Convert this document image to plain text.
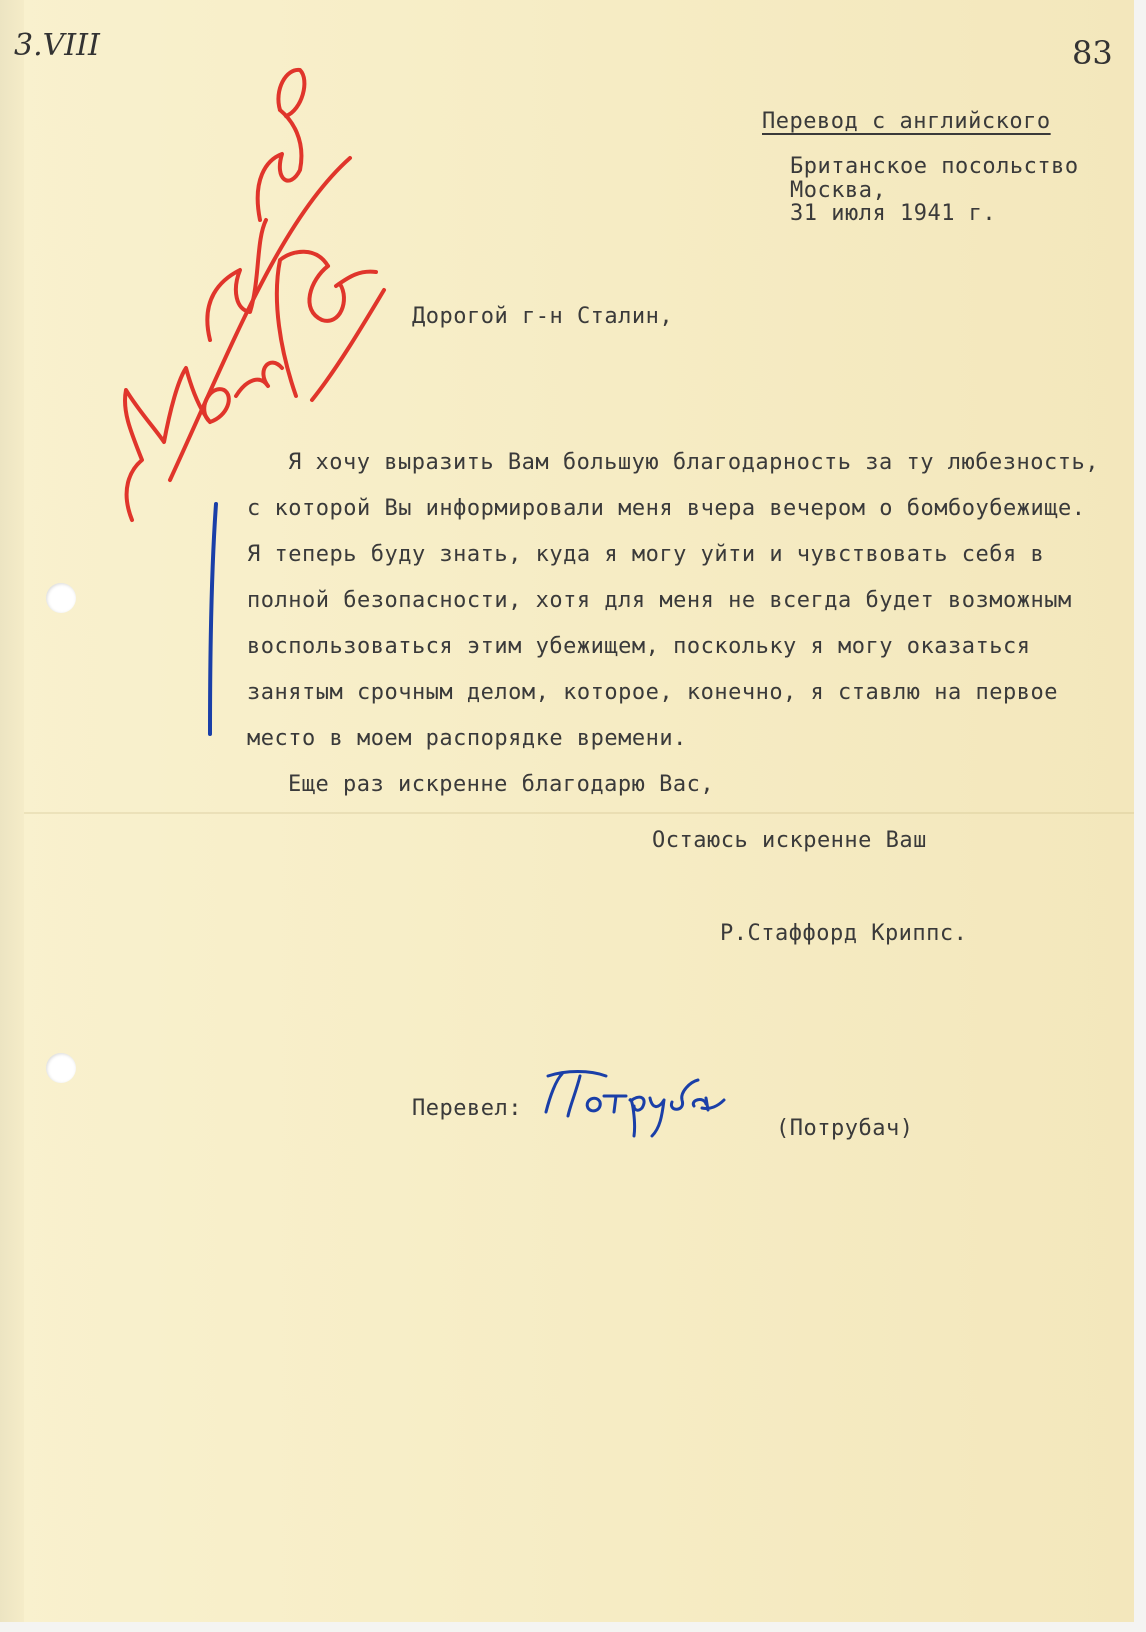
3.VIII	83
Перевод с английского
Британское посольство
Москва,
31 июля 1941 г.
Дорогой г-н Сталин,
Я хочу выразить Вам большую благодарность за ту любезность,
с которой Вы информировали меня вчера вечером о бомбоубежище.
Я теперь буду знать, куда я могу уйти и чувствовать себя в
полной безопасности, хотя для меня не всегда будет возможным
воспользоваться этим убежищем, поскольку я могу оказаться
занятым срочным делом, которое, конечно, я ставлю на первое
место в моем распорядке времени.
Еще раз искренне благодарю Вас,
Остаюсь искренне Ваш
Р.Стаффорд Криппс.
Перевел:
(Потрубач)
